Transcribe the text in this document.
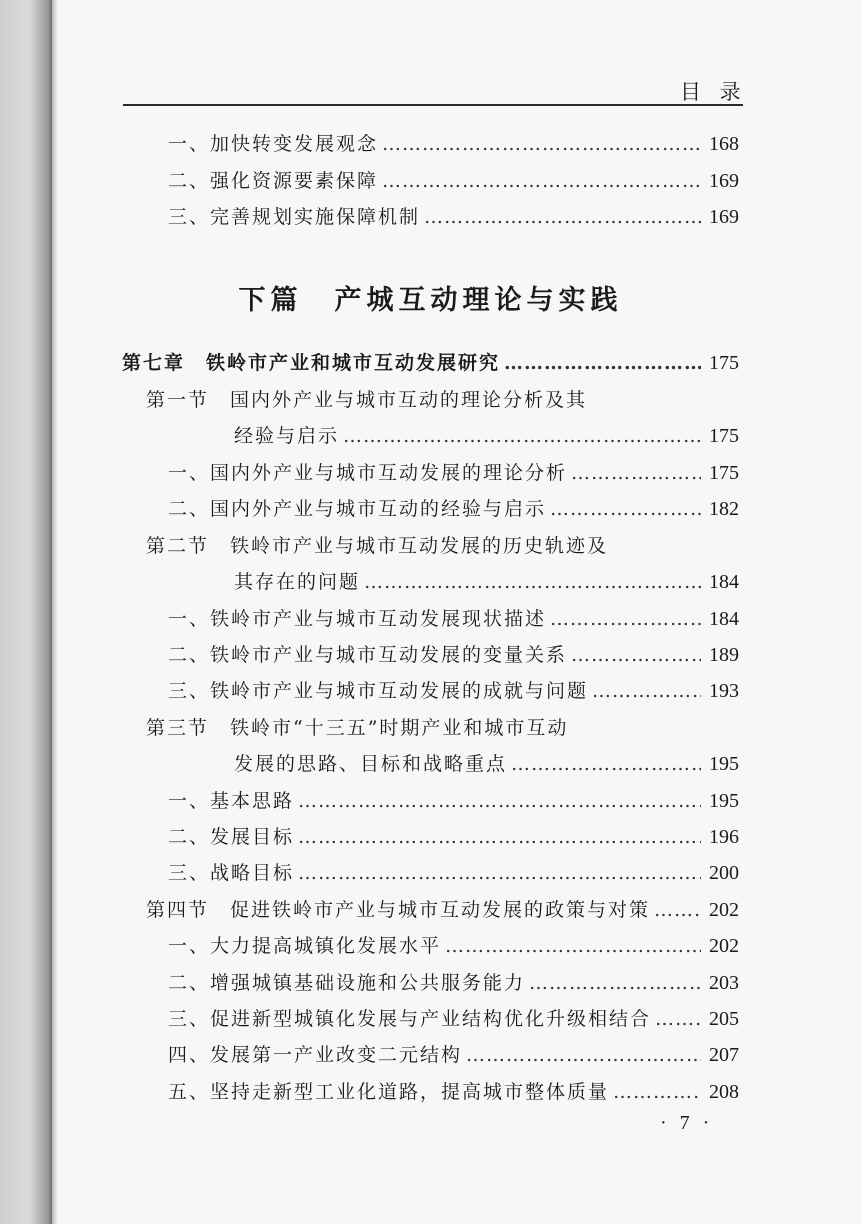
目 录
一、加快转变发展观念 …………………………………………………………………………………………………………………………………………	168
二、强化资源要素保障 …………………………………………………………………………………………………………………………………………	169
三、完善规划实施保障机制 …………………………………………………………………………………………………………………………………………	169
下篇　产城互动理论与实践
第七章　铁岭市产业和城市互动发展研究 …………………………………………………………………………………………………………………………………………	175
第一节　国内外产业与城市互动的理论分析及其
经验与启示 …………………………………………………………………………………………………………………………………………	175
一、国内外产业与城市互动发展的理论分析 …………………………………………………………………………………………………………………………………………	175
二、国内外产业与城市互动的经验与启示 …………………………………………………………………………………………………………………………………………	182
第二节　铁岭市产业与城市互动发展的历史轨迹及
其存在的问题 …………………………………………………………………………………………………………………………………………	184
一、铁岭市产业与城市互动发展现状描述 …………………………………………………………………………………………………………………………………………	184
二、铁岭市产业与城市互动发展的变量关系 …………………………………………………………………………………………………………………………………………	189
三、铁岭市产业与城市互动发展的成就与问题 …………………………………………………………………………………………………………………………………………	193
第三节　铁岭市“十三五”时期产业和城市互动
发展的思路、目标和战略重点 …………………………………………………………………………………………………………………………………………	195
一、基本思路 …………………………………………………………………………………………………………………………………………	195
二、发展目标 …………………………………………………………………………………………………………………………………………	196
三、战略目标 …………………………………………………………………………………………………………………………………………	200
第四节　促进铁岭市产业与城市互动发展的政策与对策 …………………………………………………………………………………………………………………………………………	202
一、大力提高城镇化发展水平 …………………………………………………………………………………………………………………………………………	202
二、增强城镇基础设施和公共服务能力 …………………………………………………………………………………………………………………………………………	203
三、促进新型城镇化发展与产业结构优化升级相结合 …………………………………………………………………………………………………………………………………………	205
四、发展第一产业改变二元结构 …………………………………………………………………………………………………………………………………………	207
五、坚持走新型工业化道路，提高城市整体质量 …………………………………………………………………………………………………………………………………………	208
· 7 ·
